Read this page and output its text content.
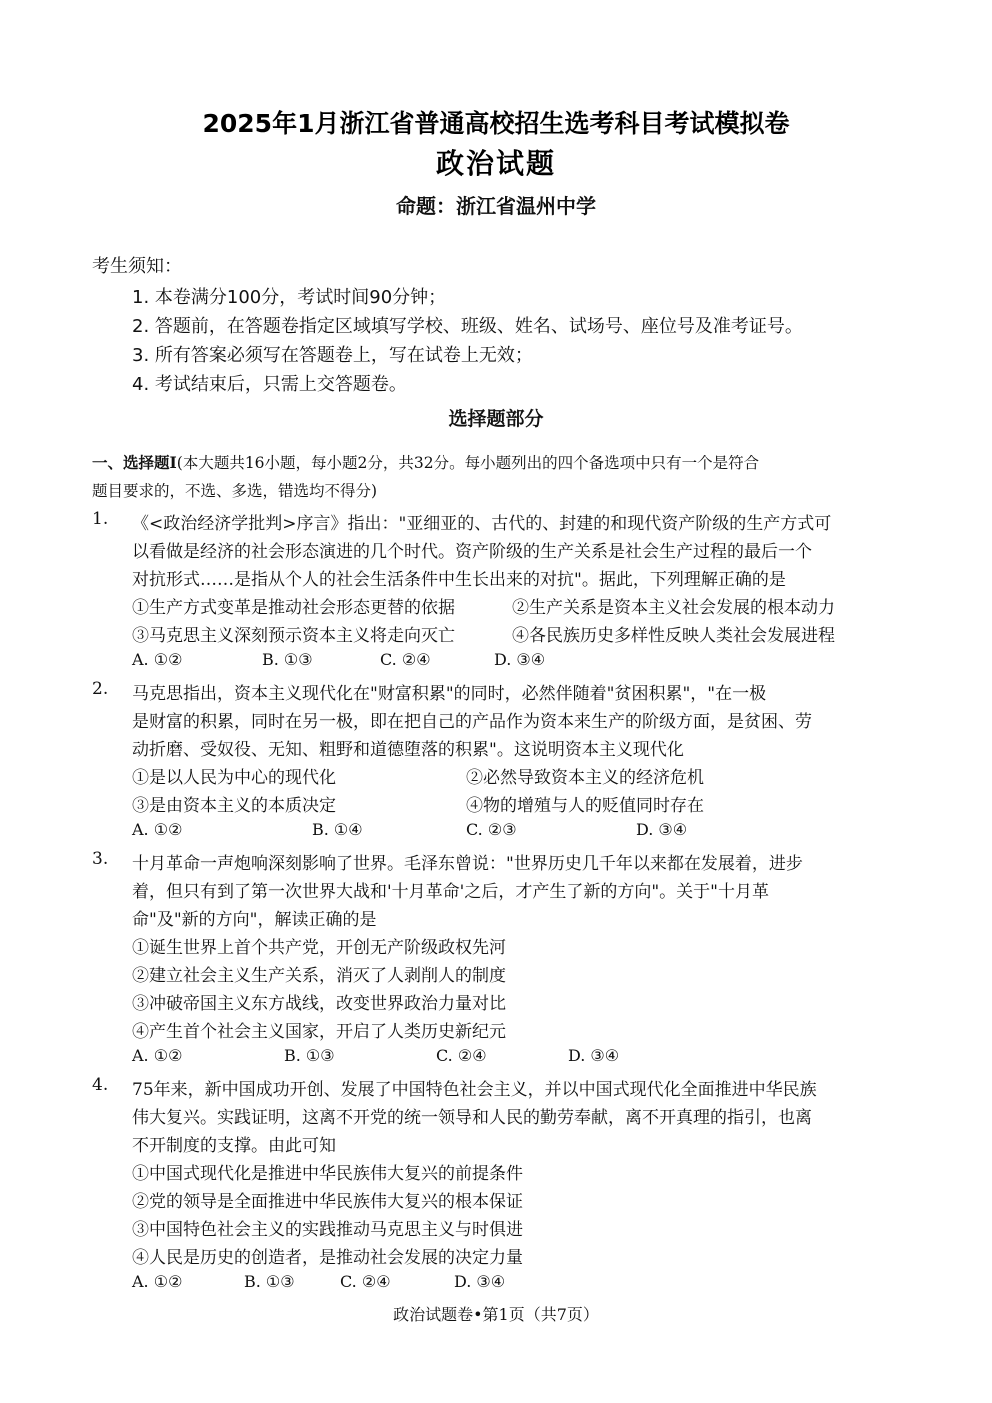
2025年1月浙江省普通高校招生选考科目考试模拟卷
政治试题
命题：浙江省温州中学
考生须知：
1. 本卷满分100分，考试时间90分钟；
2. 答题前，在答题卷指定区域填写学校、班级、姓名、试场号、座位号及准考证号。
3. 所有答案必须写在答题卷上，写在试卷上无效；
4. 考试结束后，只需上交答题卷。
选择题部分
一、选择题Ⅰ(本大题共16小题，每小题2分，共32分。每小题列出的四个备选项中只有一个是符合
题目要求的，不选、多选，错选均不得分)
1. 《<政治经济学批判>序言》指出："亚细亚的、古代的、封建的和现代资产阶级的生产方式可
以看做是经济的社会形态演进的几个时代。资产阶级的生产关系是社会生产过程的最后一个
对抗形式……是指从个人的社会生活条件中生长出来的对抗"。据此，下列理解正确的是
①生产方式变革是推动社会形态更替的依据	②生产关系是资本主义社会发展的根本动力
③马克思主义深刻预示资本主义将走向灭亡	④各民族历史多样性反映人类社会发展进程
A. ①②	B. ①③	C. ②④	D. ③④
2. 马克思指出，资本主义现代化在"财富积累"的同时，必然伴随着"贫困积累"，"在一极
是财富的积累，同时在另一极，即在把自己的产品作为资本来生产的阶级方面，是贫困、劳
动折磨、受奴役、无知、粗野和道德堕落的积累"。这说明资本主义现代化
①是以人民为中心的现代化	②必然导致资本主义的经济危机
③是由资本主义的本质决定	④物的增殖与人的贬值同时存在
A. ①②	B. ①④	C. ②③	D. ③④
3. 十月革命一声炮响深刻影响了世界。毛泽东曾说："世界历史几千年以来都在发展着，进步
着，但只有到了第一次世界大战和'十月革命'之后，才产生了新的方向"。关于"十月革
命"及"新的方向"，解读正确的是
①诞生世界上首个共产党，开创无产阶级政权先河
②建立社会主义生产关系，消灭了人剥削人的制度
③冲破帝国主义东方战线，改变世界政治力量对比
④产生首个社会主义国家，开启了人类历史新纪元
A. ①②	B. ①③	C. ②④	D. ③④
4. 75年来，新中国成功开创、发展了中国特色社会主义，并以中国式现代化全面推进中华民族
伟大复兴。实践证明，这离不开党的统一领导和人民的勤劳奉献，离不开真理的指引，也离
不开制度的支撑。由此可知
①中国式现代化是推进中华民族伟大复兴的前提条件
②党的领导是全面推进中华民族伟大复兴的根本保证
③中国特色社会主义的实践推动马克思主义与时俱进
④人民是历史的创造者，是推动社会发展的决定力量
A. ①②	B. ①③	C. ②④	D. ③④
政治试题卷•第1页（共7页）
